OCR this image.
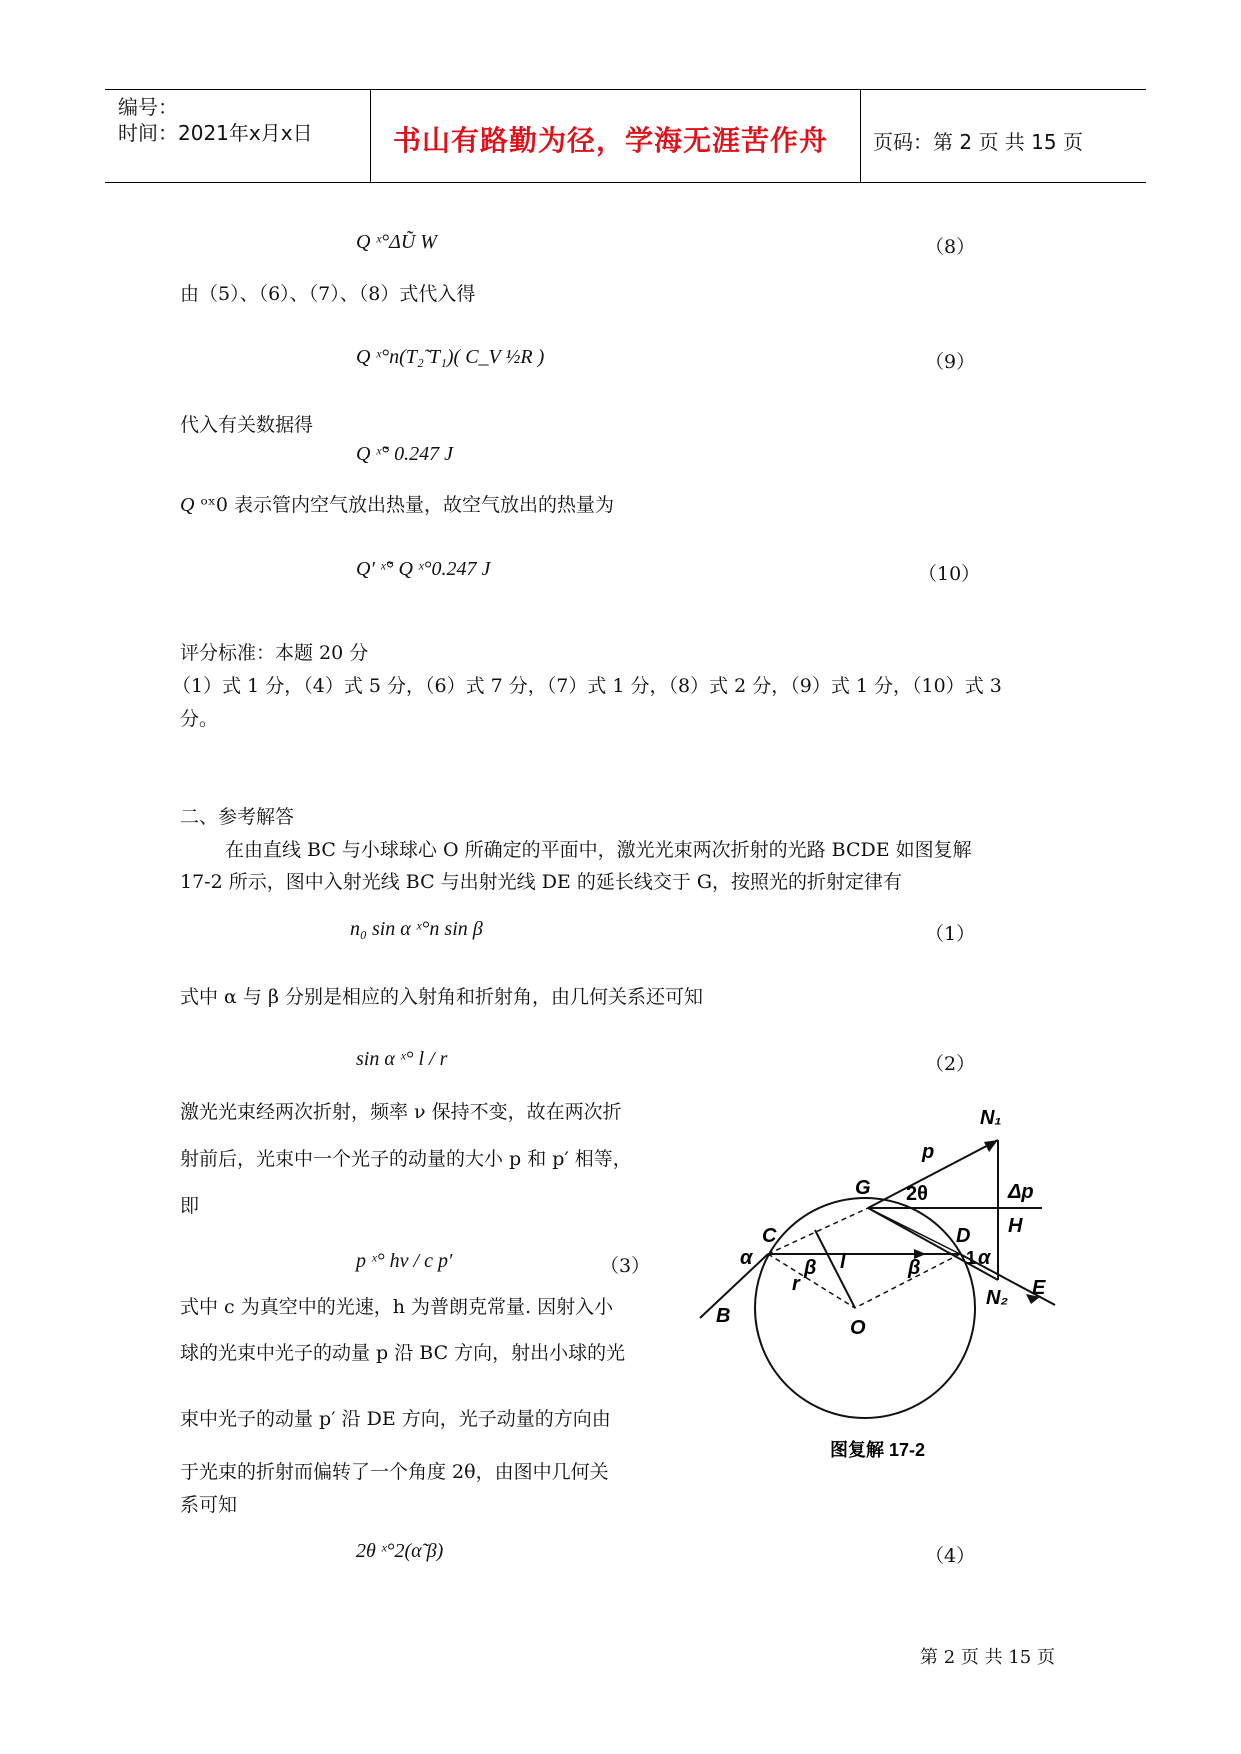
编号：
时间：2021年x月x日	书山有路勤为径，学海无涯苦作舟 页码：第 2 页 共 15 页
Q ˣ°ΔŨ W	（8）
由（5）、（6）、（7）、（8）式代入得
Q ˣ°n(T₂̃ T₁)( C_V ½R )	（9）
代入有关数据得
Q ˣ̃° 0.247 J
Q ᵒˣ0 表示管内空气放出热量，故空气放出的热量为
Q′ ˣ̃° Q ˣ°0.247 J	（10）
评分标准：本题 20 分
（1）式 1 分，（4）式 5 分，（6）式 7 分，（7）式 1 分，（8）式 2 分，（9）式 1 分，（10）式 3
分。
二、参考解答
在由直线 BC 与小球球心 O 所确定的平面中，激光光束两次折射的光路 BCDE 如图复解
17-2 所示，图中入射光线 BC 与出射光线 DE 的延长线交于 G，按照光的折射定律有
n₀ sin α ˣ°n sin β	（1）
式中 α 与 β 分别是相应的入射角和折射角，由几何关系还可知
sin α ˣ° l / r	（2）
激光光束经两次折射，频率 ν 保持不变，故在两次折
射前后，光束中一个光子的动量的大小 p 和 p′ 相等，
即
p ˣ° hν / c p′	（3）
式中 c 为真空中的光速，h 为普朗克常量. 因射入小
球的光束中光子的动量 p 沿 BC 方向，射出小球的光
束中光子的动量 p′ 沿 DE 方向，光子动量的方向由
于光束的折射而偏转了一个角度 2θ，由图中几何关
系可知
2θ ˣ°2(α̃ β)	（4）
N₁
p
G 2θ	Δp
H
C	D
α	1 α
β	β
l
r
B
O
N₂ E
图复解 17-2
第 2 页 共 15 页
